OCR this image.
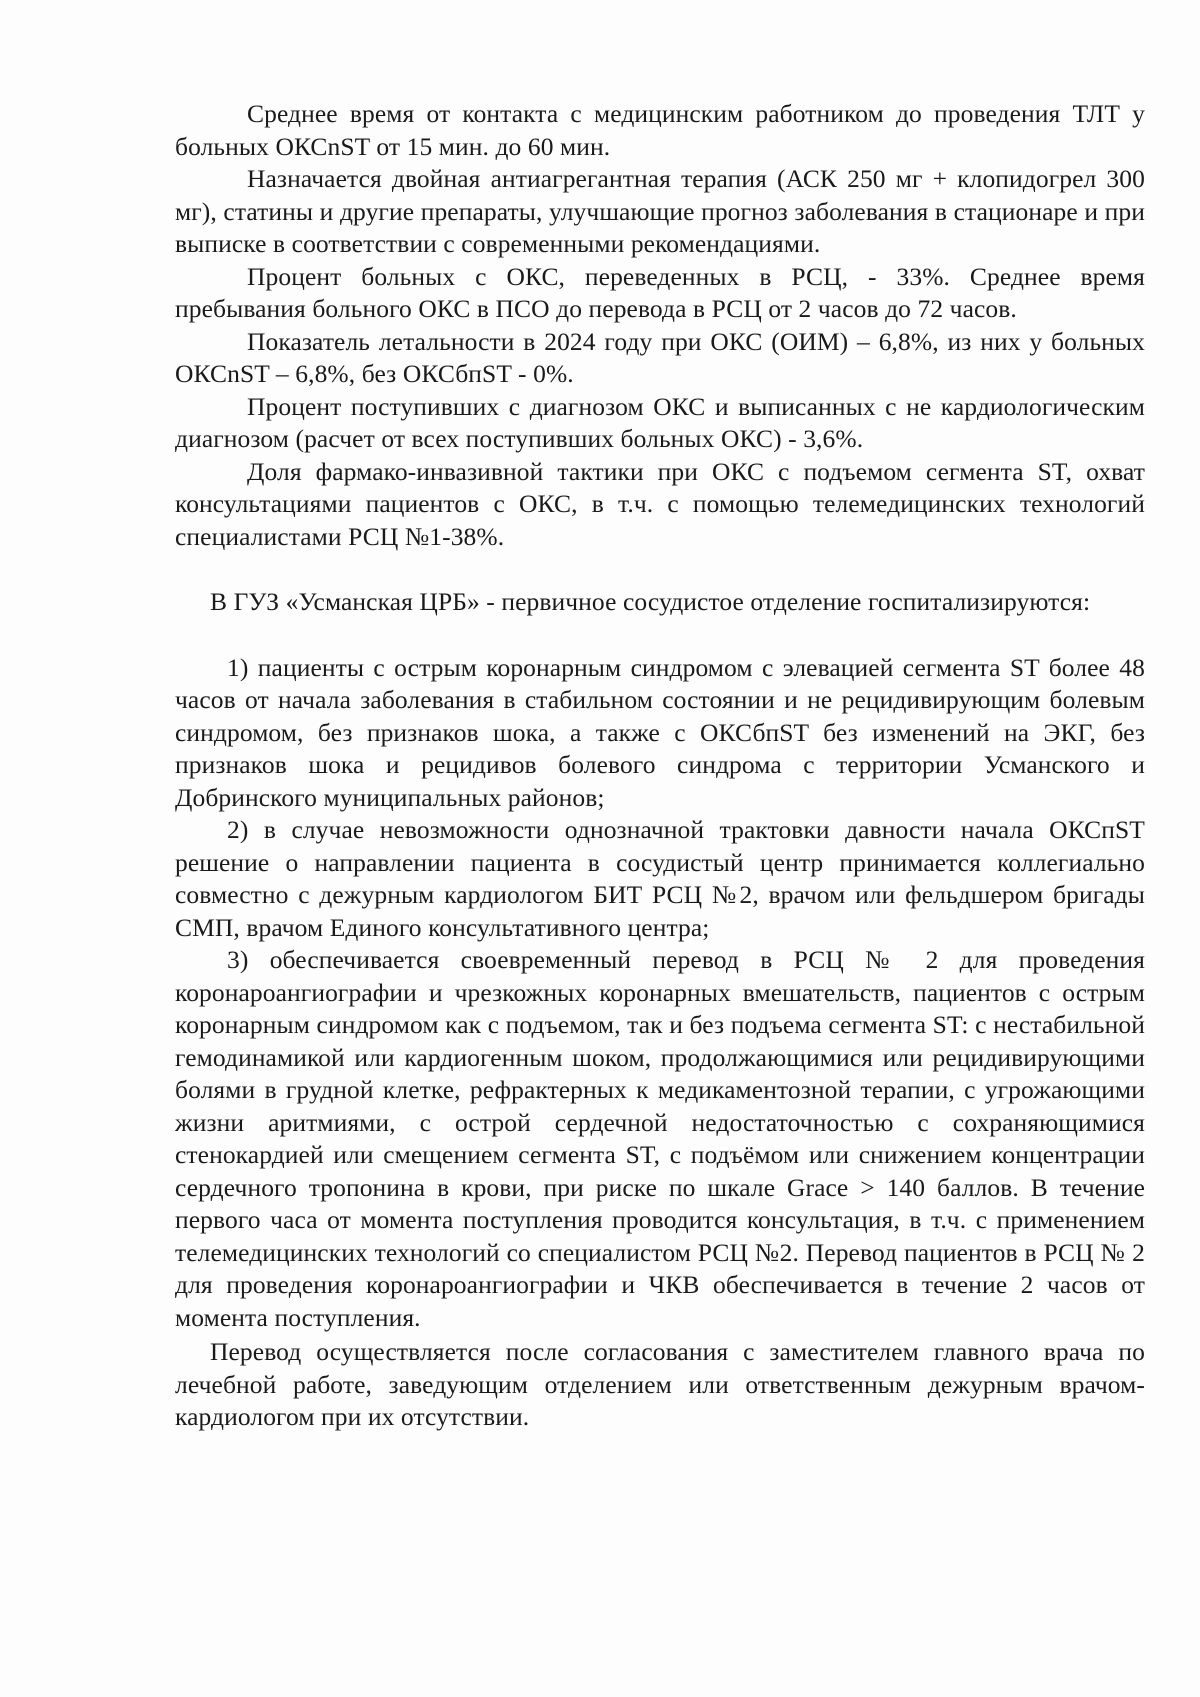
Среднее время от контакта с медицинским работником до проведения ТЛТ у больных ОКСnST от 15 мин. до 60 мин.

Назначается двойная антиагрегантная терапия (АСК 250 мг + клопидогрел 300 мг), статины и другие препараты, улучшающие прогноз заболевания в стационаре и при выписке в соответствии с современными рекомендациями.

Процент больных с ОКС, переведенных в РСЦ, - 33%. Среднее время пребывания больного ОКС в ПСО до перевода в РСЦ от 2 часов до 72 часов.

Показатель летальности в 2024 году при ОКС (ОИМ) – 6,8%, из них у больных ОКСnST – 6,8%, без ОКСбпST - 0%.

Процент поступивших с диагнозом ОКС и выписанных с не кардиологическим диагнозом (расчет от всех поступивших больных ОКС) - 3,6%.

Доля фармако-инвазивной тактики при ОКС с подъемом сегмента ST, охват консультациями пациентов с ОКС, в т.ч. с помощью телемедицинских технологий специалистами РСЦ №1-38%.

В ГУЗ «Усманская ЦРБ» - первичное сосудистое отделение госпитализируются:

1) пациенты с острым коронарным синдромом с элевацией сегмента ST более 48 часов от начала заболевания в стабильном состоянии и не рецидивирующим болевым синдромом, без признаков шока, а также с ОКСбпST без изменений на ЭКГ, без признаков шока и рецидивов болевого синдрома с территории Усманского и Добринского муниципальных районов;

2) в случае невозможности однозначной трактовки давности начала ОКСпST решение о направлении пациента в сосудистый центр принимается коллегиально совместно с дежурным кардиологом БИТ РСЦ №2, врачом или фельдшером бригады СМП, врачом Единого консультативного центра;

3) обеспечивается своевременный перевод в РСЦ № 2 для проведения коронароангиографии и чрезкожных коронарных вмешательств, пациентов с острым коронарным синдромом как с подъемом, так и без подъема сегмента ST: с нестабильной гемодинамикой или кардиогенным шоком, продолжающимися или рецидивирующими болями в грудной клетке, рефрактерных к медикаментозной терапии, с угрожающими жизни аритмиями, с острой сердечной недостаточностью с сохраняющимися стенокардией или смещением сегмента ST, с подъёмом или снижением концентрации сердечного тропонина в крови, при риске по шкале Grace > 140 баллов. В течение первого часа от момента поступления проводится консультация, в т.ч. с применением телемедицинских технологий со специалистом РСЦ №2. Перевод пациентов в РСЦ № 2 для проведения коронароангиографии и ЧКВ обеспечивается в течение 2 часов от момента поступления.

Перевод осуществляется после согласования с заместителем главного врача по лечебной работе, заведующим отделением или ответственным дежурным врачом-кардиологом при их отсутствии.
